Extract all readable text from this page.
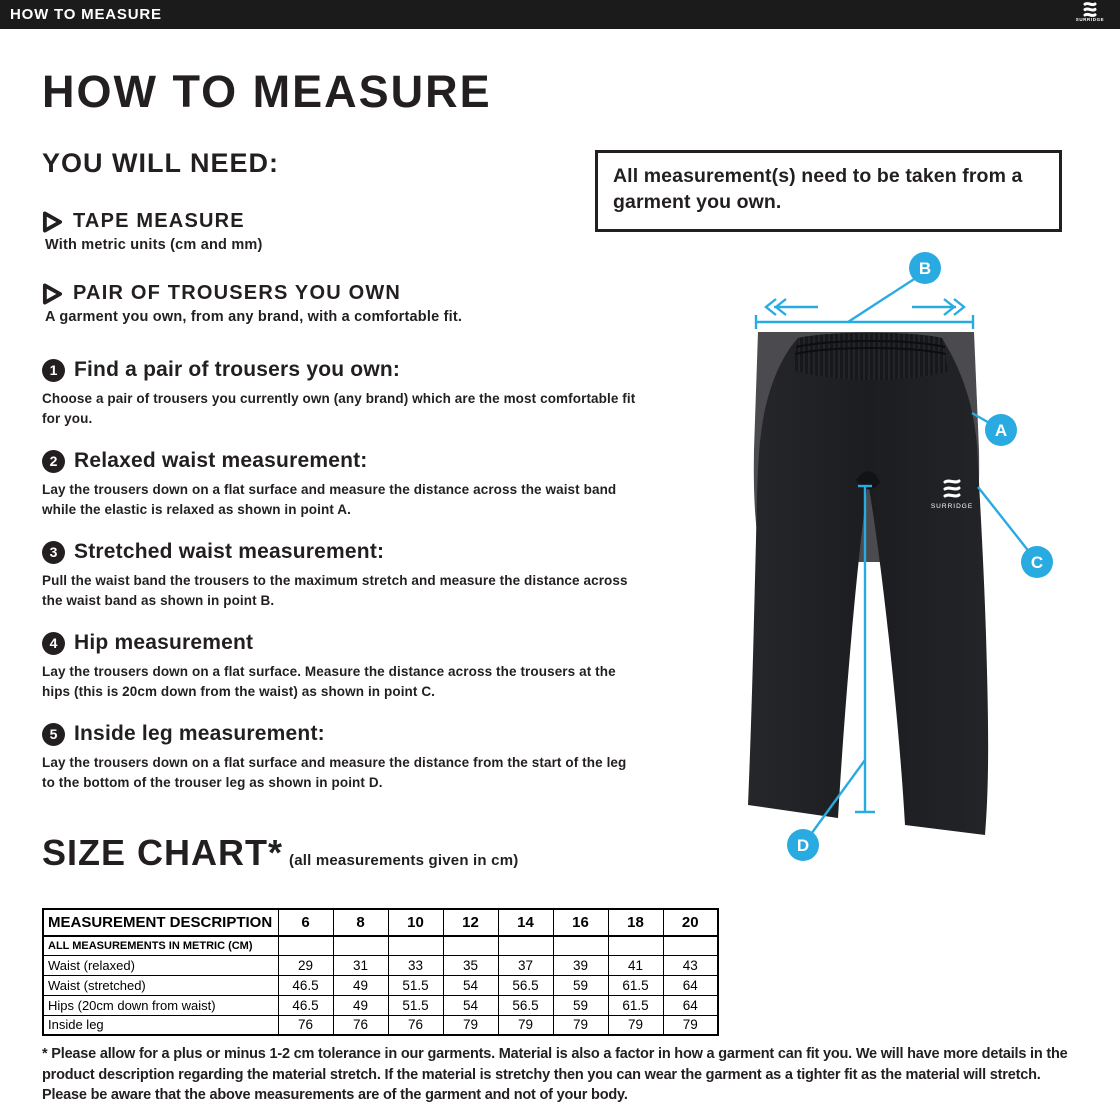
HOW TO MEASURE	SURRIDGE
HOW TO MEASURE
YOU WILL NEED:
TAPE MEASURE
With metric units (cm and mm)
PAIR OF TROUSERS YOU OWN
A garment you own, from any brand, with a comfortable fit.
All measurement(s) need to be taken from a garment you own.
1 Find a pair of trousers you own:
Choose a pair of trousers you currently own (any brand) which are the most comfortable fit for you.
2 Relaxed waist measurement:
Lay the trousers down on a flat surface and measure the distance across the waist band while the elastic is relaxed as shown in point A.
3 Stretched waist measurement:
Pull the waist band the trousers to the maximum stretch and measure the distance across the waist band as shown in point B.
4 Hip measurement
Lay the trousers down on a flat surface. Measure the distance across the trousers at the hips (this is 20cm down from the waist) as shown in point C.
5 Inside leg measurement:
Lay the trousers down on a flat surface and measure the distance from the start of the leg to the bottom of the trouser leg as shown in point D.
SURRIDGE
B
A
C
D
SIZE CHART* (all measurements given in cm)
MEASUREMENT DESCRIPTION	6	8	10	12	14	16	18	20
ALL MEASUREMENTS IN METRIC (CM)								
Waist (relaxed)	29	31	33	35	37	39	41	43
Waist (stretched)	46.5	49	51.5	54	56.5	59	61.5	64
Hips (20cm down from waist)	46.5	49	51.5	54	56.5	59	61.5	64
Inside leg	76	76	76	79	79	79	79	79

* Please allow for a plus or minus 1-2 cm tolerance in our garments. Material is also a factor in how a garment can fit you. We will have more details in the product description regarding the material stretch. If the material is stretchy then you can wear the garment as a tighter fit as the material will stretch. Please be aware that the above measurements are of the garment and not of your body.
